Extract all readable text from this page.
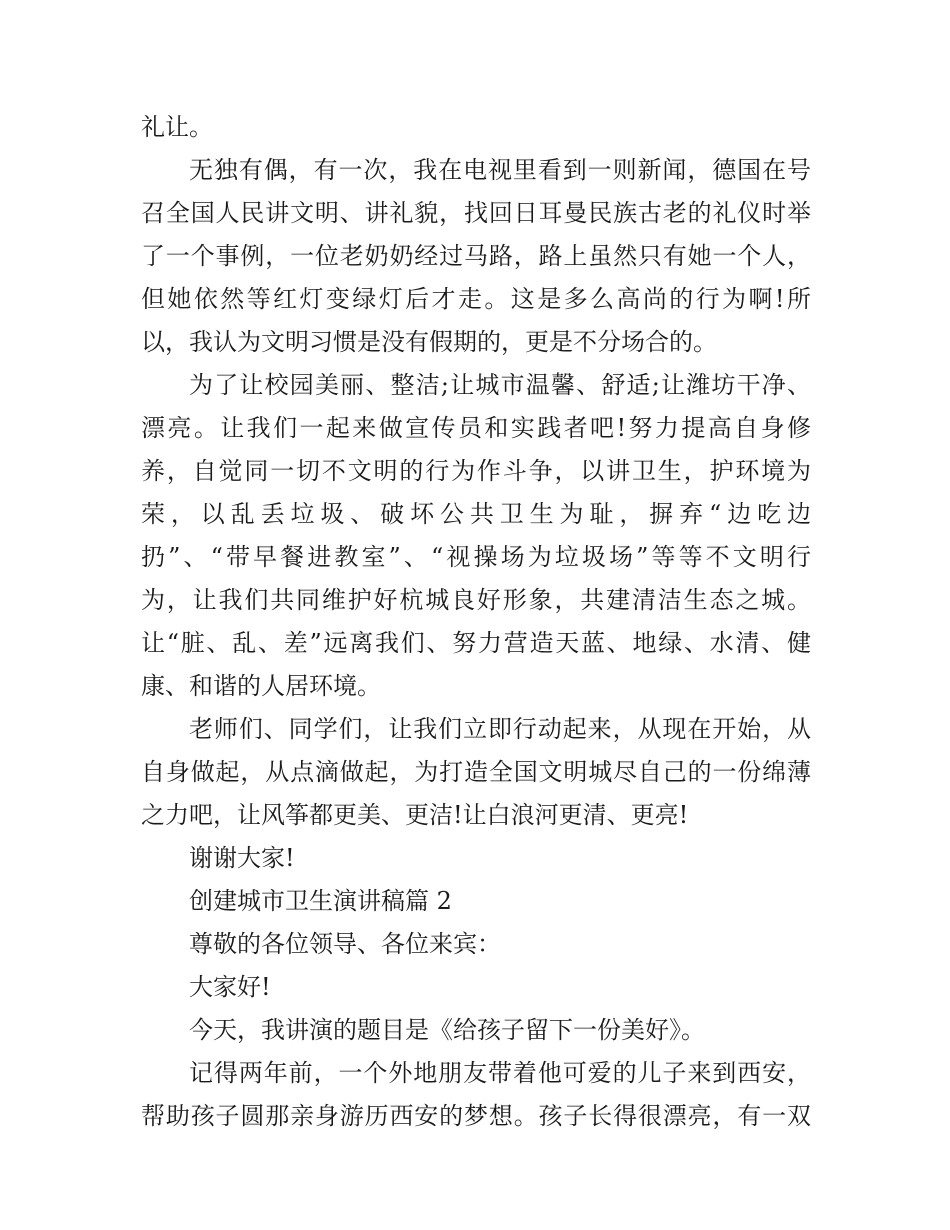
礼让。
无独有偶，有一次，我在电视里看到一则新闻，德国在号
召全国人民讲文明、讲礼貌，找回日耳曼民族古老的礼仪时举
了一个事例，一位老奶奶经过马路，路上虽然只有她一个人，
但她依然等红灯变绿灯后才走。这是多么高尚的行为啊!所
以，我认为文明习惯是没有假期的，更是不分场合的。
为了让校园美丽、整洁;让城市温馨、舒适;让潍坊干净、
漂亮。让我们一起来做宣传员和实践者吧!努力提高自身修
养，自觉同一切不文明的行为作斗争，以讲卫生，护环境为
荣，以乱丢垃圾、破坏公共卫生为耻，摒弃“边吃边
扔”、“带早餐进教室”、“视操场为垃圾场”等等不文明行
为，让我们共同维护好杭城良好形象，共建清洁生态之城。
让“脏、乱、差”远离我们、努力营造天蓝、地绿、水清、健
康、和谐的人居环境。
老师们、同学们，让我们立即行动起来，从现在开始，从
自身做起，从点滴做起，为打造全国文明城尽自己的一份绵薄
之力吧，让风筝都更美、更洁!让白浪河更清、更亮!
谢谢大家!
创建城市卫生演讲稿篇 2
尊敬的各位领导、各位来宾：
大家好!
今天，我讲演的题目是《给孩子留下一份美好》。
记得两年前，一个外地朋友带着他可爱的儿子来到西安，
帮助孩子圆那亲身游历西安的梦想。孩子长得很漂亮，有一双
